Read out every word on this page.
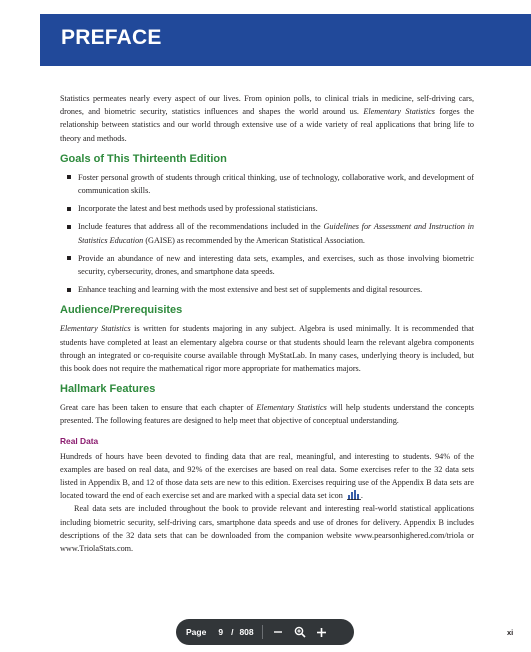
PREFACE

Statistics permeates nearly every aspect of our lives. From opinion polls, to clinical trials in medicine, self-driving cars, drones, and biometric security, statistics influences and shapes the world around us. Elementary Statistics forges the relationship between statistics and our world through extensive use of a wide variety of real applications that bring life to theory and methods.

Goals of This Thirteenth Edition
Foster personal growth of students through critical thinking, use of technology, collaborative work, and development of communication skills.
Incorporate the latest and best methods used by professional statisticians.
Include features that address all of the recommendations included in the Guidelines for Assessment and Instruction in Statistics Education (GAISE) as recommended by the American Statistical Association.
Provide an abundance of new and interesting data sets, examples, and exercises, such as those involving biometric security, cybersecurity, drones, and smartphone data speeds.
Enhance teaching and learning with the most extensive and best set of supplements and digital resources.
Audience/Prerequisites

Elementary Statistics is written for students majoring in any subject. Algebra is used minimally. It is recommended that students have completed at least an elementary algebra course or that students should learn the relevant algebra components through an integrated or co-requisite course available through MyStatLab. In many cases, underlying theory is included, but this book does not require the mathematical rigor more appropriate for mathematics majors.

Hallmark Features

Great care has been taken to ensure that each chapter of Elementary Statistics will help students understand the concepts presented. The following features are designed to help meet that objective of conceptual understanding.

Real Data

Hundreds of hours have been devoted to finding data that are real, meaningful, and interesting to students. 94% of the examples are based on real data, and 92% of the exercises are based on real data. Some exercises refer to the 32 data sets listed in Appendix B, and 12 of those data sets are new to this edition. Exercises requiring use of the Appendix B data sets are located toward the end of each exercise set and are marked with a special data set icon .

Real data sets are included throughout the book to provide relevant and interesting real-world statistical applications including biometric security, self-driving cars, smartphone data speeds and use of drones for delivery. Appendix B includes descriptions of the 32 data sets that can be downloaded from the companion website www.pearsonhighered.com/triola or www.TriolaStats.com.

Page 9 / 808	xi
